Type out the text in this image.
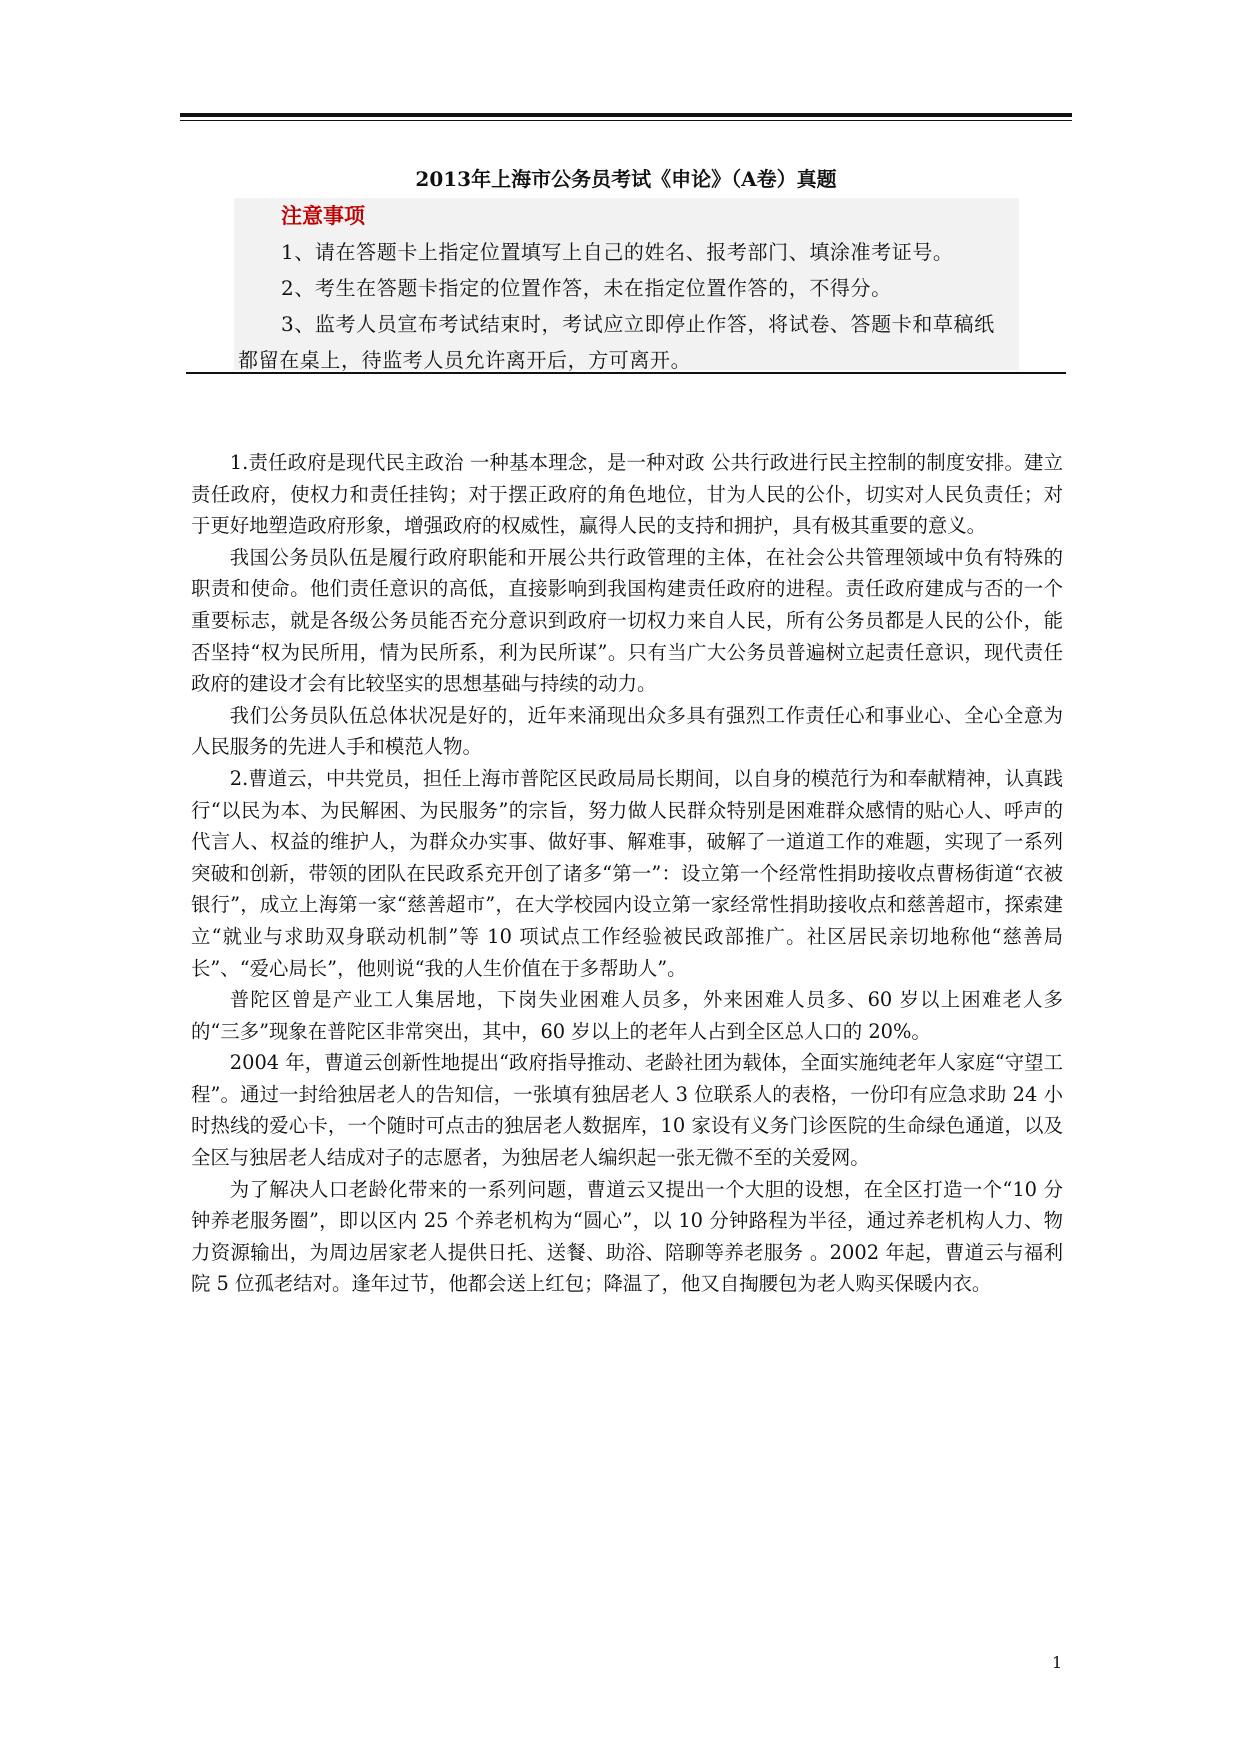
2013年上海市公务员考试《申论》（A卷）真题
注意事项
1、请在答题卡上指定位置填写上自己的姓名、报考部门、填涂准考证号。
2、考生在答题卡指定的位置作答，未在指定位置作答的，不得分。
3、监考人员宣布考试结束时，考试应立即停止作答，将试卷、答题卡和草稿纸
都留在桌上，待监考人员允许离开后，方可离开。

1.责任政府是现代民主政治 一种基本理念，是一种对政 公共行政进行民主控制的制度安排。建立责任政府，使权力和责任挂钩；对于摆正政府的角色地位，甘为人民的公仆，切实对人民负责任；对于更好地塑造政府形象，增强政府的权威性，赢得人民的支持和拥护，具有极其重要的意义。

我国公务员队伍是履行政府职能和开展公共行政管理的主体，在社会公共管理领域中负有特殊的职责和使命。他们责任意识的高低，直接影响到我国构建责任政府的进程。责任政府建成与否的一个重要标志，就是各级公务员能否充分意识到政府一切权力来自人民，所有公务员都是人民的公仆，能否坚持“权为民所用，情为民所系，利为民所谋”。只有当广大公务员普遍树立起责任意识，现代责任政府的建设才会有比较坚实的思想基础与持续的动力。

我们公务员队伍总体状况是好的，近年来涌现出众多具有强烈工作责任心和事业心、全心全意为人民服务的先进人手和模范人物。

2.曹道云，中共党员，担任上海市普陀区民政局局长期间，以自身的模范行为和奉献精神，认真践行“以民为本、为民解困、为民服务”的宗旨，努力做人民群众特别是困难群众感情的贴心人、呼声的代言人、权益的维护人，为群众办实事、做好事、解难事，破解了一道道工作的难题，实现了一系列突破和创新，带领的团队在民政系充开创了诸多“第一”：设立第一个经常性捐助接收点曹杨街道“衣被银行”，成立上海第一家“慈善超市”，在大学校园内设立第一家经常性捐助接收点和慈善超市，探索建立“就业与求助双身联动机制”等 10 项试点工作经验被民政部推广。社区居民亲切地称他“慈善局长”、“爱心局长”，他则说“我的人生价值在于多帮助人”。

普陀区曾是产业工人集居地，下岗失业困难人员多，外来困难人员多、60 岁以上困难老人多的“三多”现象在普陀区非常突出，其中，60 岁以上的老年人占到全区总人口的 20%。

2004 年，曹道云创新性地提出“政府指导推动、老龄社团为载体，全面实施纯老年人家庭“守望工程”。通过一封给独居老人的告知信，一张填有独居老人 3 位联系人的表格，一份印有应急求助 24 小时热线的爱心卡，一个随时可点击的独居老人数据库，10 家设有义务门诊医院的生命绿色通道，以及全区与独居老人结成对子的志愿者，为独居老人编织起一张无微不至的关爱网。

为了解决人口老龄化带来的一系列问题，曹道云又提出一个大胆的设想，在全区打造一个“10 分钟养老服务圈”，即以区内 25 个养老机构为“圆心”，以 10 分钟路程为半径，通过养老机构人力、物力资源输出，为周边居家老人提供日托、送餐、助浴、陪聊等养老服务 。2002 年起，曹道云与福利院 5 位孤老结对。逢年过节，他都会送上红包；降温了，他又自掏腰包为老人购买保暖内衣。

1
